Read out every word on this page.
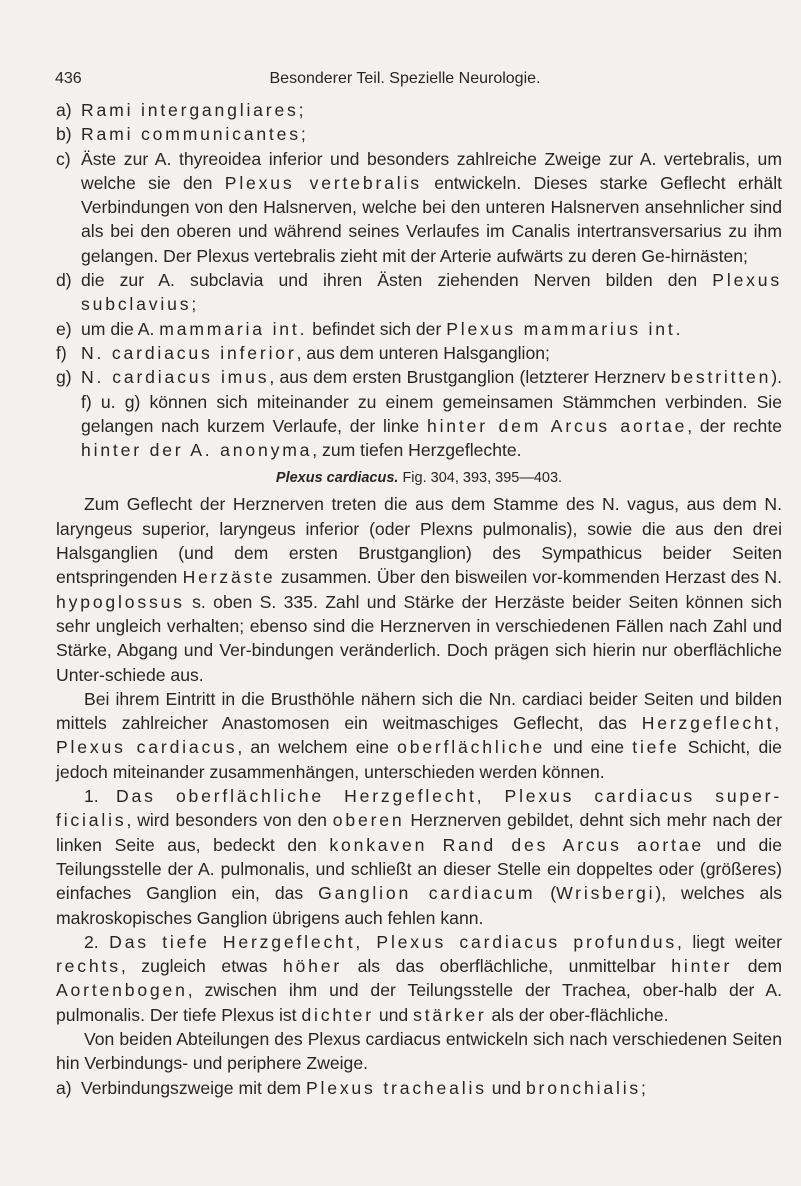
436	Besonderer Teil. Spezielle Neurologie.
a) Rami intergangliares;
b) Rami communicantes;
c) Äste zur A. thyreoidea inferior und besonders zahlreiche Zweige zur A. vertebralis, um welche sie den Plexus vertebralis entwickeln. Dieses starke Geflecht erhält Verbindungen von den Halsnerven, welche bei den unteren Halsnerven ansehnlicher sind als bei den oberen und während seines Verlaufes im Canalis intertransversarius zu ihm gelangen. Der Plexus vertebralis zieht mit der Arterie aufwärts zu deren Ge-hirnästen;
d) die zur A. subclavia und ihren Ästen ziehenden Nerven bilden den Plexus subclavius;
e) um die A. mammaria int. befindet sich der Plexus mammarius int.
f) N. cardiacus inferior, aus dem unteren Halsganglion;
g) N. cardiacus imus, aus dem ersten Brustganglion (letzterer Herznerv bestritten). f) u. g) können sich miteinander zu einem gemeinsamen Stämmchen verbinden. Sie gelangen nach kurzem Verlaufe, der linke hinter dem Arcus aortae, der rechte hinter der A. anonyma, zum tiefen Herzgeflechte.

Plexus cardiacus. Fig. 304, 393, 395—403.

Zum Geflecht der Herznerven treten die aus dem Stamme des N. vagus, aus dem N. laryngeus superior, laryngeus inferior (oder Plexns pulmonalis), sowie die aus den drei Halsganglien (und dem ersten Brustganglion) des Sympathicus beider Seiten entspringenden Herzäste zusammen. Über den bisweilen vor-kommenden Herzast des N. hypoglossus s. oben S. 335. Zahl und Stärke der Herzäste beider Seiten können sich sehr ungleich verhalten; ebenso sind die Herznerven in verschiedenen Fällen nach Zahl und Stärke, Abgang und Ver-bindungen veränderlich. Doch prägen sich hierin nur oberflächliche Unter-schiede aus.

Bei ihrem Eintritt in die Brusthöhle nähern sich die Nn. cardiaci beider Seiten und bilden mittels zahlreicher Anastomosen ein weitmaschiges Geflecht, das Herzgeflecht, Plexus cardiacus, an welchem eine oberflächliche und eine tiefe Schicht, die jedoch miteinander zusammenhängen, unterschieden werden können.

1. Das oberflächliche Herzgeflecht, Plexus cardiacus super-ficialis, wird besonders von den oberen Herznerven gebildet, dehnt sich mehr nach der linken Seite aus, bedeckt den konkaven Rand des Arcus aortae und die Teilungsstelle der A. pulmonalis, und schließt an dieser Stelle ein doppeltes oder (größeres) einfaches Ganglion ein, das Ganglion cardiacum (Wrisbergi), welches als makroskopisches Ganglion übrigens auch fehlen kann.

2. Das tiefe Herzgeflecht, Plexus cardiacus profundus, liegt weiter rechts, zugleich etwas höher als das oberflächliche, unmittelbar hinter dem Aortenbogen, zwischen ihm und der Teilungsstelle der Trachea, ober-halb der A. pulmonalis. Der tiefe Plexus ist dichter und stärker als der ober-flächliche.

Von beiden Abteilungen des Plexus cardiacus entwickeln sich nach verschiedenen Seiten hin Verbindungs- und periphere Zweige.

a) Verbindungszweige mit dem Plexus trachealis und bronchialis;
